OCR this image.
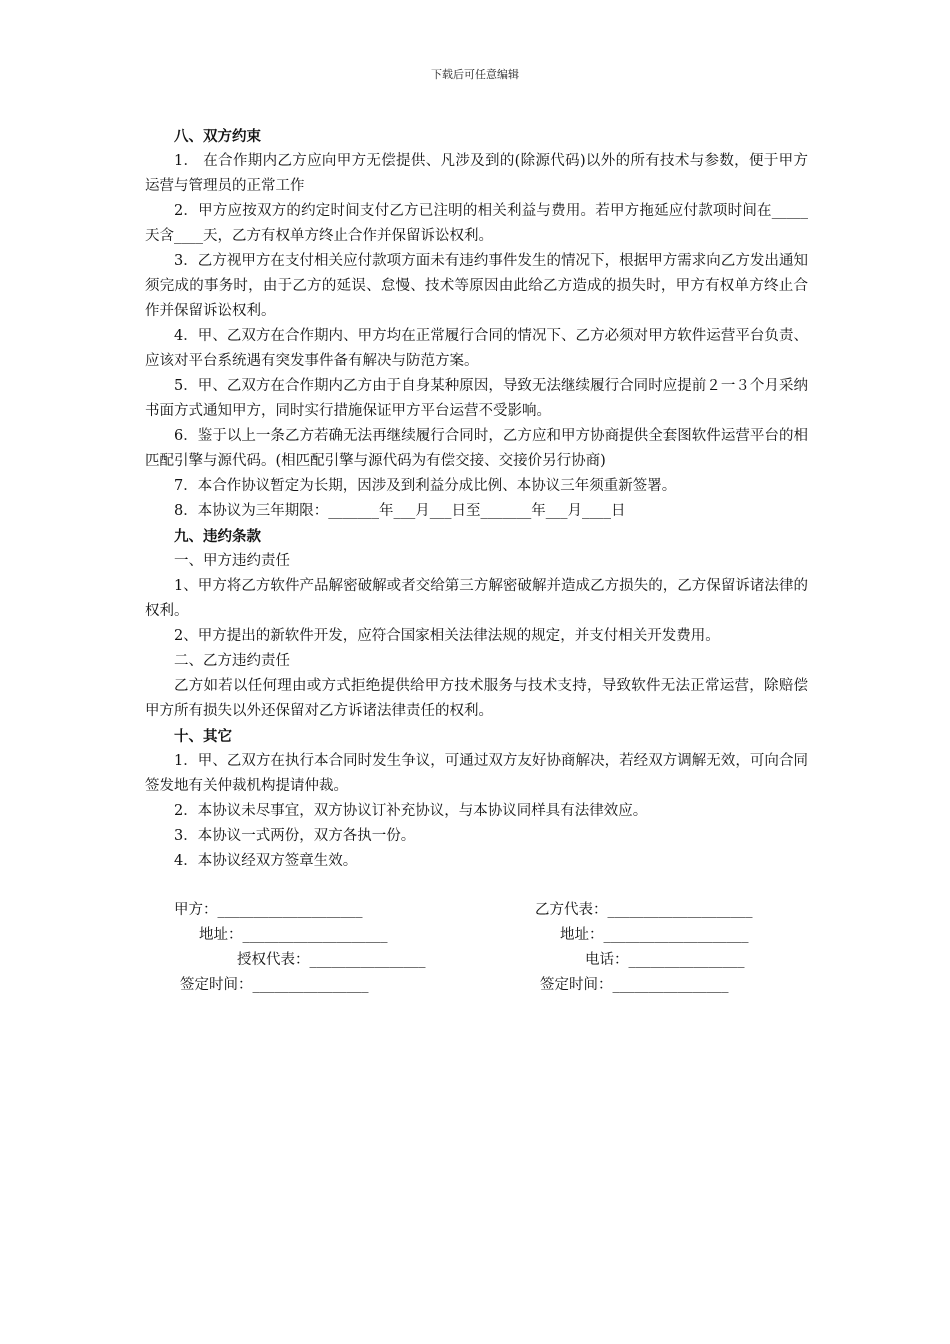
下载后可任意编辑

八、双方约束

1． 在合作期内乙方应向甲方无偿提供、凡涉及到的(除源代码)以外的所有技术与参数，便于甲方运营与管理员的正常工作

2．甲方应按双方的约定时间支付乙方已注明的相关利益与费用。若甲方拖延应付款项时间在_____天含____天，乙方有权单方终止合作并保留诉讼权利。

3．乙方视甲方在支付相关应付款项方面未有违约事件发生的情况下，根据甲方需求向乙方发出通知须完成的事务时，由于乙方的延误、怠慢、技术等原因由此给乙方造成的损失时，甲方有权单方终止合作并保留诉讼权利。

4．甲、乙双方在合作期内、甲方均在正常履行合同的情况下、乙方必须对甲方软件运营平台负责、 应该对平台系统遇有突发事件备有解决与防范方案。

5．甲、乙双方在合作期内乙方由于自身某种原因，导致无法继续履行合同时应提前２一３个月采纳书面方式通知甲方，同时实行措施保证甲方平台运营不受影响。

6．鉴于以上一条乙方若确无法再继续履行合同时，乙方应和甲方协商提供全套图软件运营平台的相匹配引擎与源代码。(相匹配引擎与源代码为有偿交接、交接价另行协商)

7．本合作协议暂定为长期，因涉及到利益分成比例、本协议三年须重新签署。

8．本协议为三年期限：_______年___月___日至_______年___月____日

九、违约条款

一、甲方违约责任

1、甲方将乙方软件产品解密破解或者交给第三方解密破解并造成乙方损失的，乙方保留诉诸法律的权利。

2、甲方提出的新软件开发，应符合国家相关法律法规的规定，并支付相关开发费用。

二、乙方违约责任

乙方如若以任何理由或方式拒绝提供给甲方技术服务与技术支持，导致软件无法正常运营，除赔偿甲方所有损失以外还保留对乙方诉诸法律责任的权利。

十、其它

1．甲、乙双方在执行本合同时发生争议，可通过双方友好协商解决，若经双方调解无效，可向合同签发地有关仲裁机构提请仲裁。

2．本协议未尽事宜，双方协议订补充协议，与本协议同样具有法律效应。

3．本协议一式两份，双方各执一份。

4．本协议经双方签章生效。

甲方：____________________	乙方代表：____________________
地址：____________________	地址：____________________
授权代表：________________	电话：________________
签定时间：________________	签定时间：________________
